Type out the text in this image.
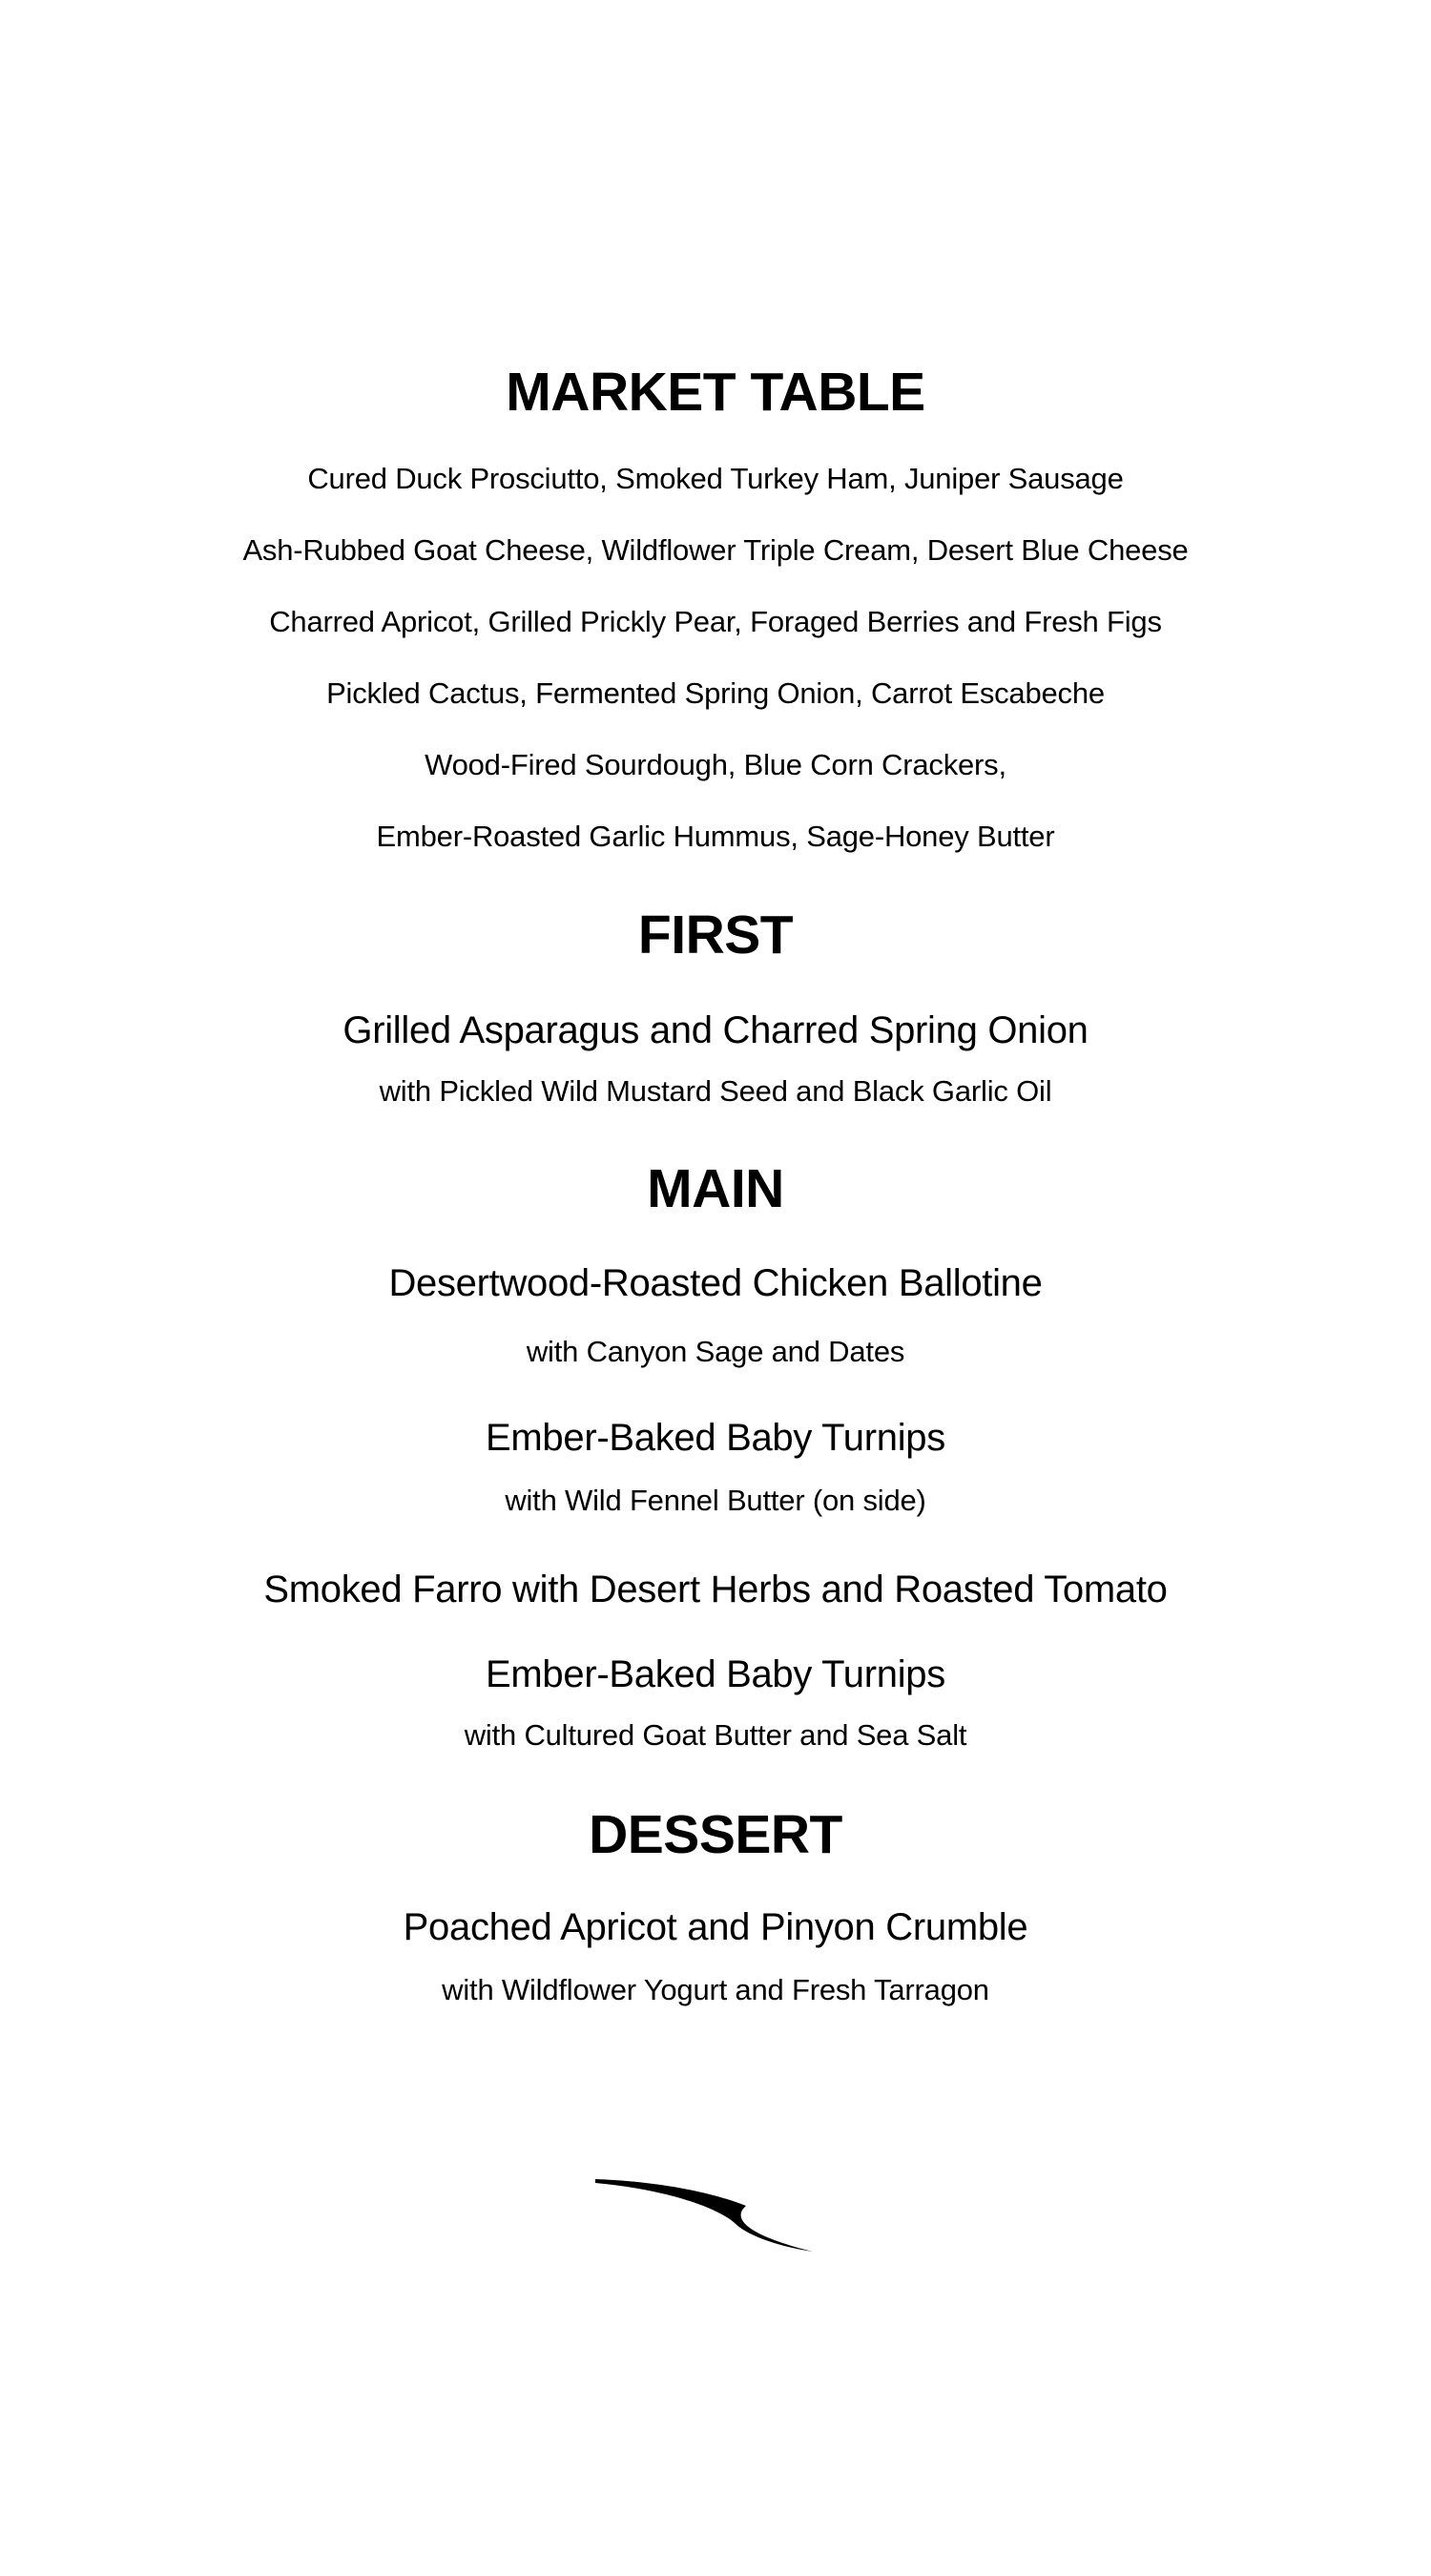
MARKET TABLE
Cured Duck Prosciutto, Smoked Turkey Ham, Juniper Sausage
Ash-Rubbed Goat Cheese, Wildflower Triple Cream, Desert Blue Cheese
Charred Apricot, Grilled Prickly Pear, Foraged Berries and Fresh Figs
Pickled Cactus, Fermented Spring Onion, Carrot Escabeche
Wood-Fired Sourdough, Blue Corn Crackers,
Ember-Roasted Garlic Hummus, Sage-Honey Butter
FIRST
Grilled Asparagus and Charred Spring Onion
with Pickled Wild Mustard Seed and Black Garlic Oil
MAIN
Desertwood-Roasted Chicken Ballotine
with Canyon Sage and Dates
Ember-Baked Baby Turnips
with Wild Fennel Butter (on side)
Smoked Farro with Desert Herbs and Roasted Tomato
Ember-Baked Baby Turnips
with Cultured Goat Butter and Sea Salt
DESSERT
Poached Apricot and Pinyon Crumble
with Wildflower Yogurt and Fresh Tarragon
